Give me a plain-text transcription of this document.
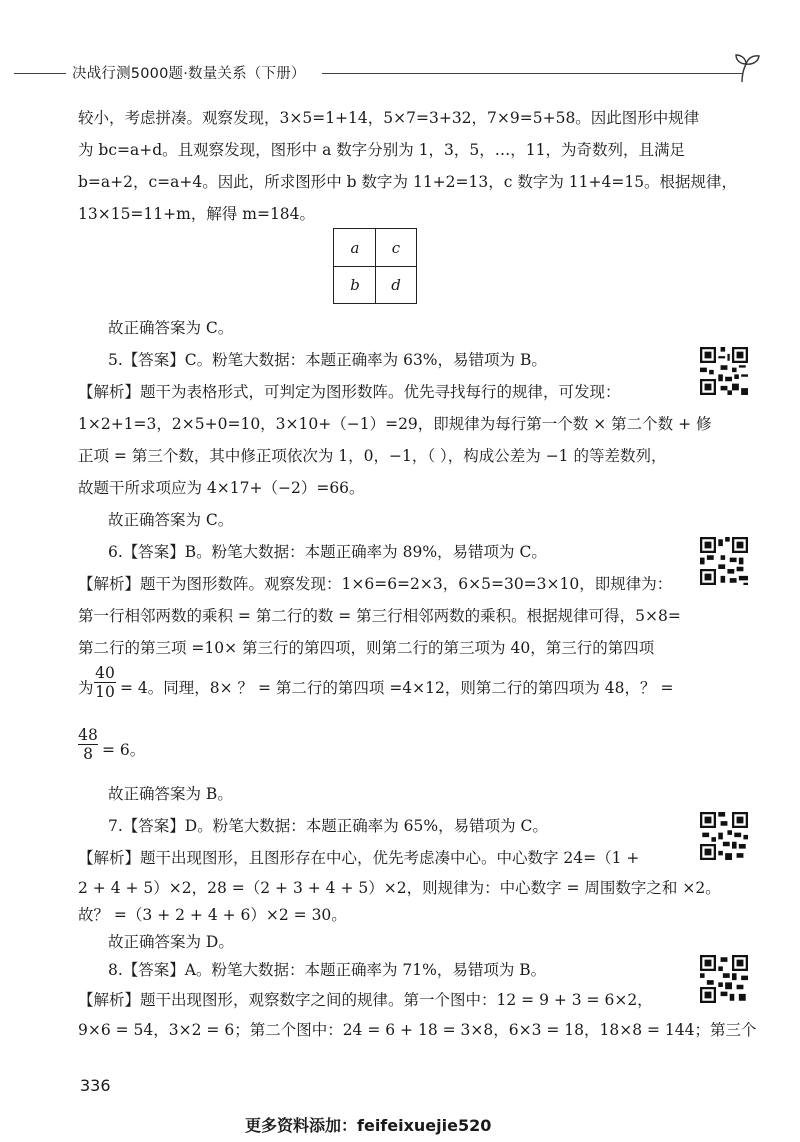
决战行测5000题·数量关系（下册）
较小，考虑拼凑。观察发现，3×5=1+14，5×7=3+32，7×9=5+58。因此图形中规律
为 bc=a+d。且观察发现，图形中 a 数字分别为 1，3，5，…，11，为奇数列，且满足
b=a+2，c=a+4。因此，所求图形中 b 数字为 11+2=13，c 数字为 11+4=15。根据规律，
13×15=11+m，解得 m=184。
a	c
b	d
故正确答案为 C。
5.【答案】C。粉笔大数据：本题正确率为 63%，易错项为 B。
【解析】题干为表格形式，可判定为图形数阵。优先寻找每行的规律，可发现：
1×2+1=3，2×5+0=10，3×10+（−1）=29，即规律为每行第一个数 × 第二个数 + 修
正项 = 第三个数，其中修正项依次为 1，0，−1，（ ），构成公差为 −1 的等差数列，
故题干所求项应为 4×17+（−2）=66。
故正确答案为 C。
6.【答案】B。粉笔大数据：本题正确率为 89%，易错项为 C。
【解析】题干为图形数阵。观察发现：1×6=6=2×3，6×5=30=3×10，即规律为：
第一行相邻两数的乘积 = 第二行的数 = 第三行相邻两数的乘积。根据规律可得，5×8=
第二行的第三项 =10× 第三行的第四项，则第二行的第三项为 40，第三行的第四项
为 $\frac{40}{10} = 4$。同理，8× ？ = 第二行的第四项 =4×12，则第二行的第四项为 48，？ =
$\frac{48}{8} = 6$。
故正确答案为 B。
7.【答案】D。粉笔大数据：本题正确率为 65%，易错项为 C。
【解析】题干出现图形，且图形存在中心，优先考虑凑中心。中心数字 24=（1 +
2 + 4 + 5）×2，28 =（2 + 3 + 4 + 5）×2，则规律为：中心数字 = 周围数字之和 ×2。
故？ =（3 + 2 + 4 + 6）×2 = 30。
故正确答案为 D。
8.【答案】A。粉笔大数据：本题正确率为 71%，易错项为 B。
【解析】题干出现图形，观察数字之间的规律。第一个图中：12 = 9 + 3 = 6×2，
9×6 = 54，3×2 = 6；第二个图中：24 = 6 + 18 = 3×8，6×3 = 18，18×8 = 144；第三个
336
更多资料添加：feifeixuejie520
